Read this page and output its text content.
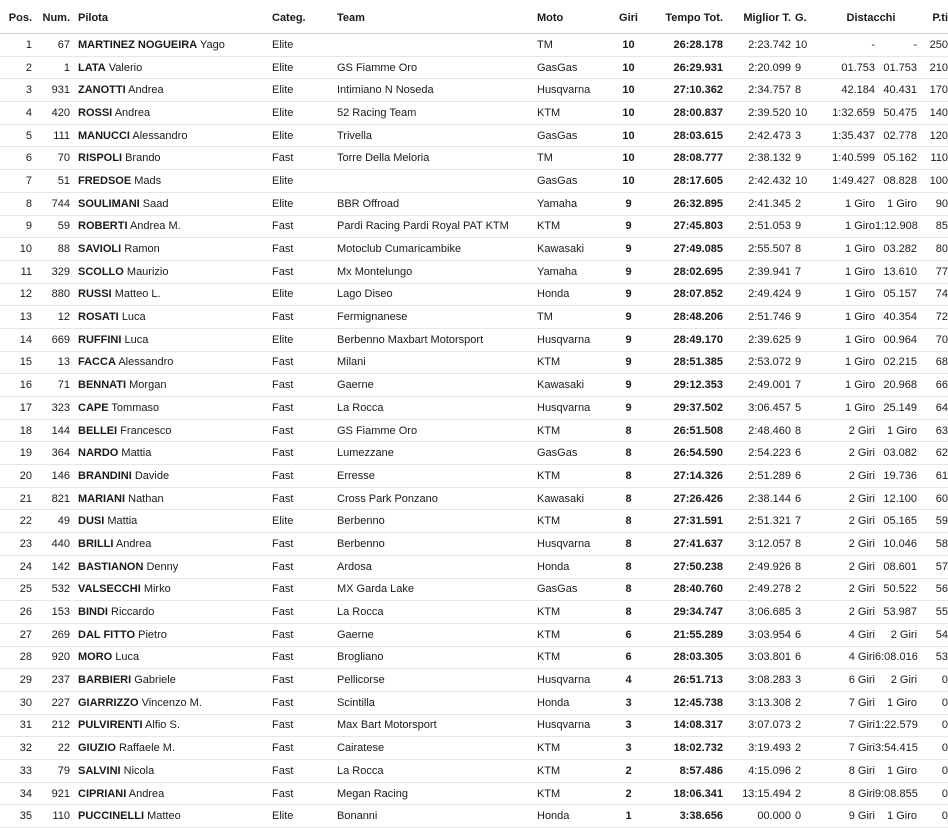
Pos.	Num.	Pilota	Categ.	Team	Moto	Giri	Tempo Tot.	Miglior T.	G.	Distacchi		P.ti
1	67	MARTINEZ NOGUEIRA Yago	Elite		TM	10	26:28.178	2:23.742	10	-	-	250
2	1	LATA Valerio	Elite	GS Fiamme Oro	GasGas	10	26:29.931	2:20.099	9	01.753	01.753	210
3	931	ZANOTTI Andrea	Elite	Intimiano N Noseda	Husqvarna	10	27:10.362	2:34.757	8	42.184	40.431	170
4	420	ROSSI Andrea	Elite	52 Racing Team	KTM	10	28:00.837	2:39.520	10	1:32.659	50.475	140
5	111	MANUCCI Alessandro	Elite	Trivella	GasGas	10	28:03.615	2:42.473	3	1:35.437	02.778	120
6	70	RISPOLI Brando	Fast	Torre Della Meloria	TM	10	28:08.777	2:38.132	9	1:40.599	05.162	110
7	51	FREDSOE Mads	Elite		GasGas	10	28:17.605	2:42.432	10	1:49.427	08.828	100
8	744	SOULIMANI Saad	Elite	BBR Offroad	Yamaha	9	26:32.895	2:41.345	2	1 Giro	1 Giro	90
9	59	ROBERTI Andrea M.	Fast	Pardi Racing Pardi Royal PAT KTM	KTM	9	27:45.803	2:51.053	9	1 Giro	1:12.908	85
10	88	SAVIOLI Ramon	Fast	Motoclub Cumaricambike	Kawasaki	9	27:49.085	2:55.507	8	1 Giro	03.282	80
11	329	SCOLLO Maurizio	Fast	Mx Montelungo	Yamaha	9	28:02.695	2:39.941	7	1 Giro	13.610	77
12	880	RUSSI Matteo L.	Elite	Lago Diseo	Honda	9	28:07.852	2:49.424	9	1 Giro	05.157	74
13	12	ROSATI Luca	Fast	Fermignanese	TM	9	28:48.206	2:51.746	9	1 Giro	40.354	72
14	669	RUFFINI Luca	Elite	Berbenno Maxbart Motorsport	Husqvarna	9	28:49.170	2:39.625	9	1 Giro	00.964	70
15	13	FACCA Alessandro	Fast	Milani	KTM	9	28:51.385	2:53.072	9	1 Giro	02.215	68
16	71	BENNATI Morgan	Fast	Gaerne	Kawasaki	9	29:12.353	2:49.001	7	1 Giro	20.968	66
17	323	CAPE Tommaso	Fast	La Rocca	Husqvarna	9	29:37.502	3:06.457	5	1 Giro	25.149	64
18	144	BELLEI Francesco	Fast	GS Fiamme Oro	KTM	8	26:51.508	2:48.460	8	2 Giri	1 Giro	63
19	364	NARDO Mattia	Fast	Lumezzane	GasGas	8	26:54.590	2:54.223	6	2 Giri	03.082	62
20	146	BRANDINI Davide	Fast	Erresse	KTM	8	27:14.326	2:51.289	6	2 Giri	19.736	61
21	821	MARIANI Nathan	Fast	Cross Park Ponzano	Kawasaki	8	27:26.426	2:38.144	6	2 Giri	12.100	60
22	49	DUSI Mattia	Elite	Berbenno	KTM	8	27:31.591	2:51.321	7	2 Giri	05.165	59
23	440	BRILLI Andrea	Fast	Berbenno	Husqvarna	8	27:41.637	3:12.057	8	2 Giri	10.046	58
24	142	BASTIANON Denny	Fast	Ardosa	Honda	8	27:50.238	2:49.926	8	2 Giri	08.601	57
25	532	VALSECCHI Mirko	Fast	MX Garda Lake	GasGas	8	28:40.760	2:49.278	2	2 Giri	50.522	56
26	153	BINDI Riccardo	Fast	La Rocca	KTM	8	29:34.747	3:06.685	3	2 Giri	53.987	55
27	269	DAL FITTO Pietro	Fast	Gaerne	KTM	6	21:55.289	3:03.954	6	4 Giri	2 Giri	54
28	920	MORO Luca	Fast	Brogliano	KTM	6	28:03.305	3:03.801	6	4 Giri	6:08.016	53
29	237	BARBIERI Gabriele	Fast	Pellicorse	Husqvarna	4	26:51.713	3:08.283	3	6 Giri	2 Giri	0
30	227	GIARRIZZO Vincenzo M.	Fast	Scintilla	Honda	3	12:45.738	3:13.308	2	7 Giri	1 Giro	0
31	212	PULVIRENTI Alfio S.	Fast	Max Bart Motorsport	Husqvarna	3	14:08.317	3:07.073	2	7 Giri	1:22.579	0
32	22	GIUZIO Raffaele M.	Fast	Cairatese	KTM	3	18:02.732	3:19.493	2	7 Giri	3:54.415	0
33	79	SALVINI Nicola	Fast	La Rocca	KTM	2	8:57.486	4:15.096	2	8 Giri	1 Giro	0
34	921	CIPRIANI Andrea	Fast	Megan Racing	KTM	2	18:06.341	13:15.494	2	8 Giri	9:08.855	0
35	110	PUCCINELLI Matteo	Elite	Bonanni	Honda	1	3:38.656	00.000	0	9 Giri	1 Giro	0
